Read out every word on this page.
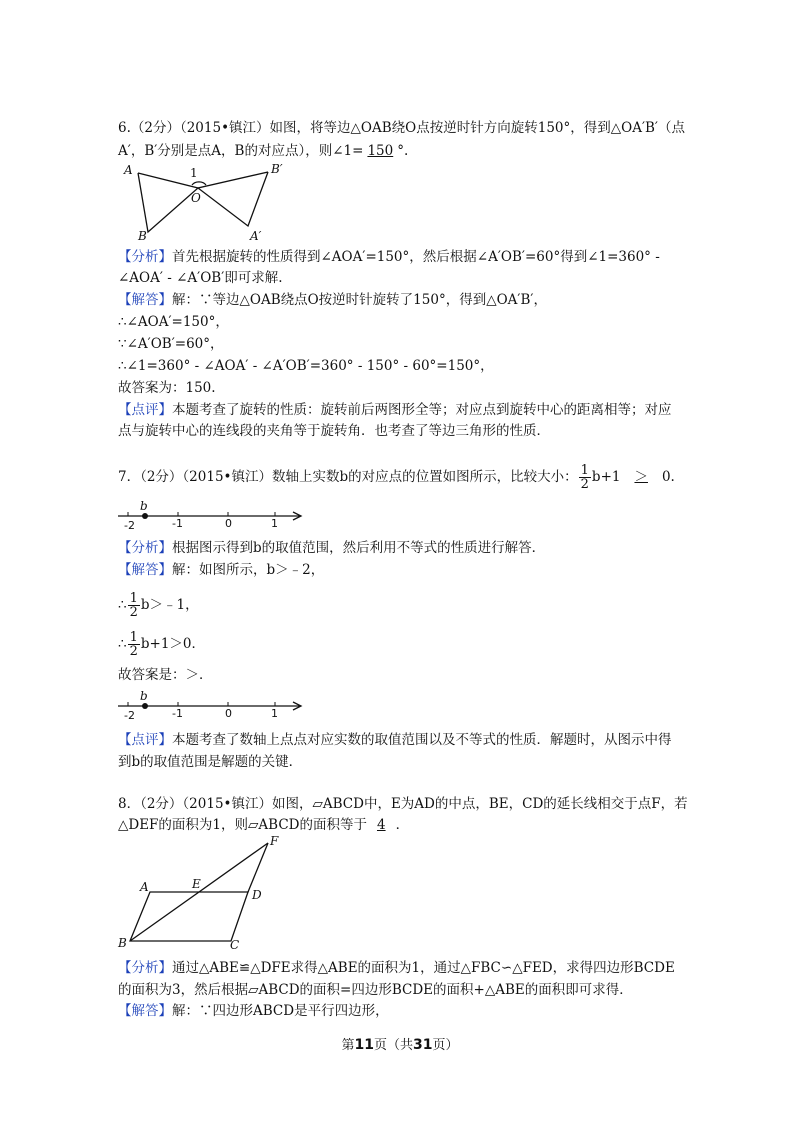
6.（2分）（2015•镇江）如图，将等边△OAB绕O点按逆时针方向旋转150°，得到△OA′B′（点
A′，B′分别是点A，B的对应点），则∠1= 150 °.
A
B	A′
B′
O
1
【分析】首先根据旋转的性质得到∠AOA′=150°，然后根据∠A′OB′=60°得到∠1=360° -
∠AOA′ - ∠A′OB′即可求解.
【解答】解：∵等边△OAB绕点O按逆时针旋转了150°，得到△OA′B′，
∴∠AOA′=150°，
∵∠A′OB′=60°，
∴∠1=360° - ∠AOA′ - ∠A′OB′=360° - 150° - 60°=150°，
故答案为：150.
【点评】本题考查了旋转的性质：旋转前后两图形全等；对应点到旋转中心的距离相等；对应
点与旋转中心的连线段的夹角等于旋转角．也考查了等边三角形的性质．
7．（2分）（2015•镇江）数轴上实数b的对应点的位置如图所示，比较大小： $\frac{1}{2} b+1 > 0$.
b
-2	-1	0	1
【分析】根据图示得到b的取值范围，然后利用不等式的性质进行解答．
【解答】解：如图所示，b＞﹣2，
∴ $\frac{1}{2}$ b＞﹣1，
∴ $\frac{1}{2} b+1>0$．
故答案是：＞．
b
-2	-1	0	1
【点评】本题考查了数轴上点点对应实数的取值范围以及不等式的性质．解题时，从图示中得
到b的取值范围是解题的关键．
8．（2分）（2015•镇江）如图，▱ABCD中，E为AD的中点，BE，CD的延长线相交于点F，若
△DEF的面积为1，则▱ABCD的面积等于 4 ．
A	E
D
F
B	C
【分析】通过△ABE≌△DFE求得△ABE的面积为1，通过△FBC∽△FED，求得四边形BCDE
的面积为3，然后根据▱ABCD的面积=四边形BCDE的面积+△ABE的面积即可求得．
【解答】解：∵四边形ABCD是平行四边形，
第11页（共31页）
